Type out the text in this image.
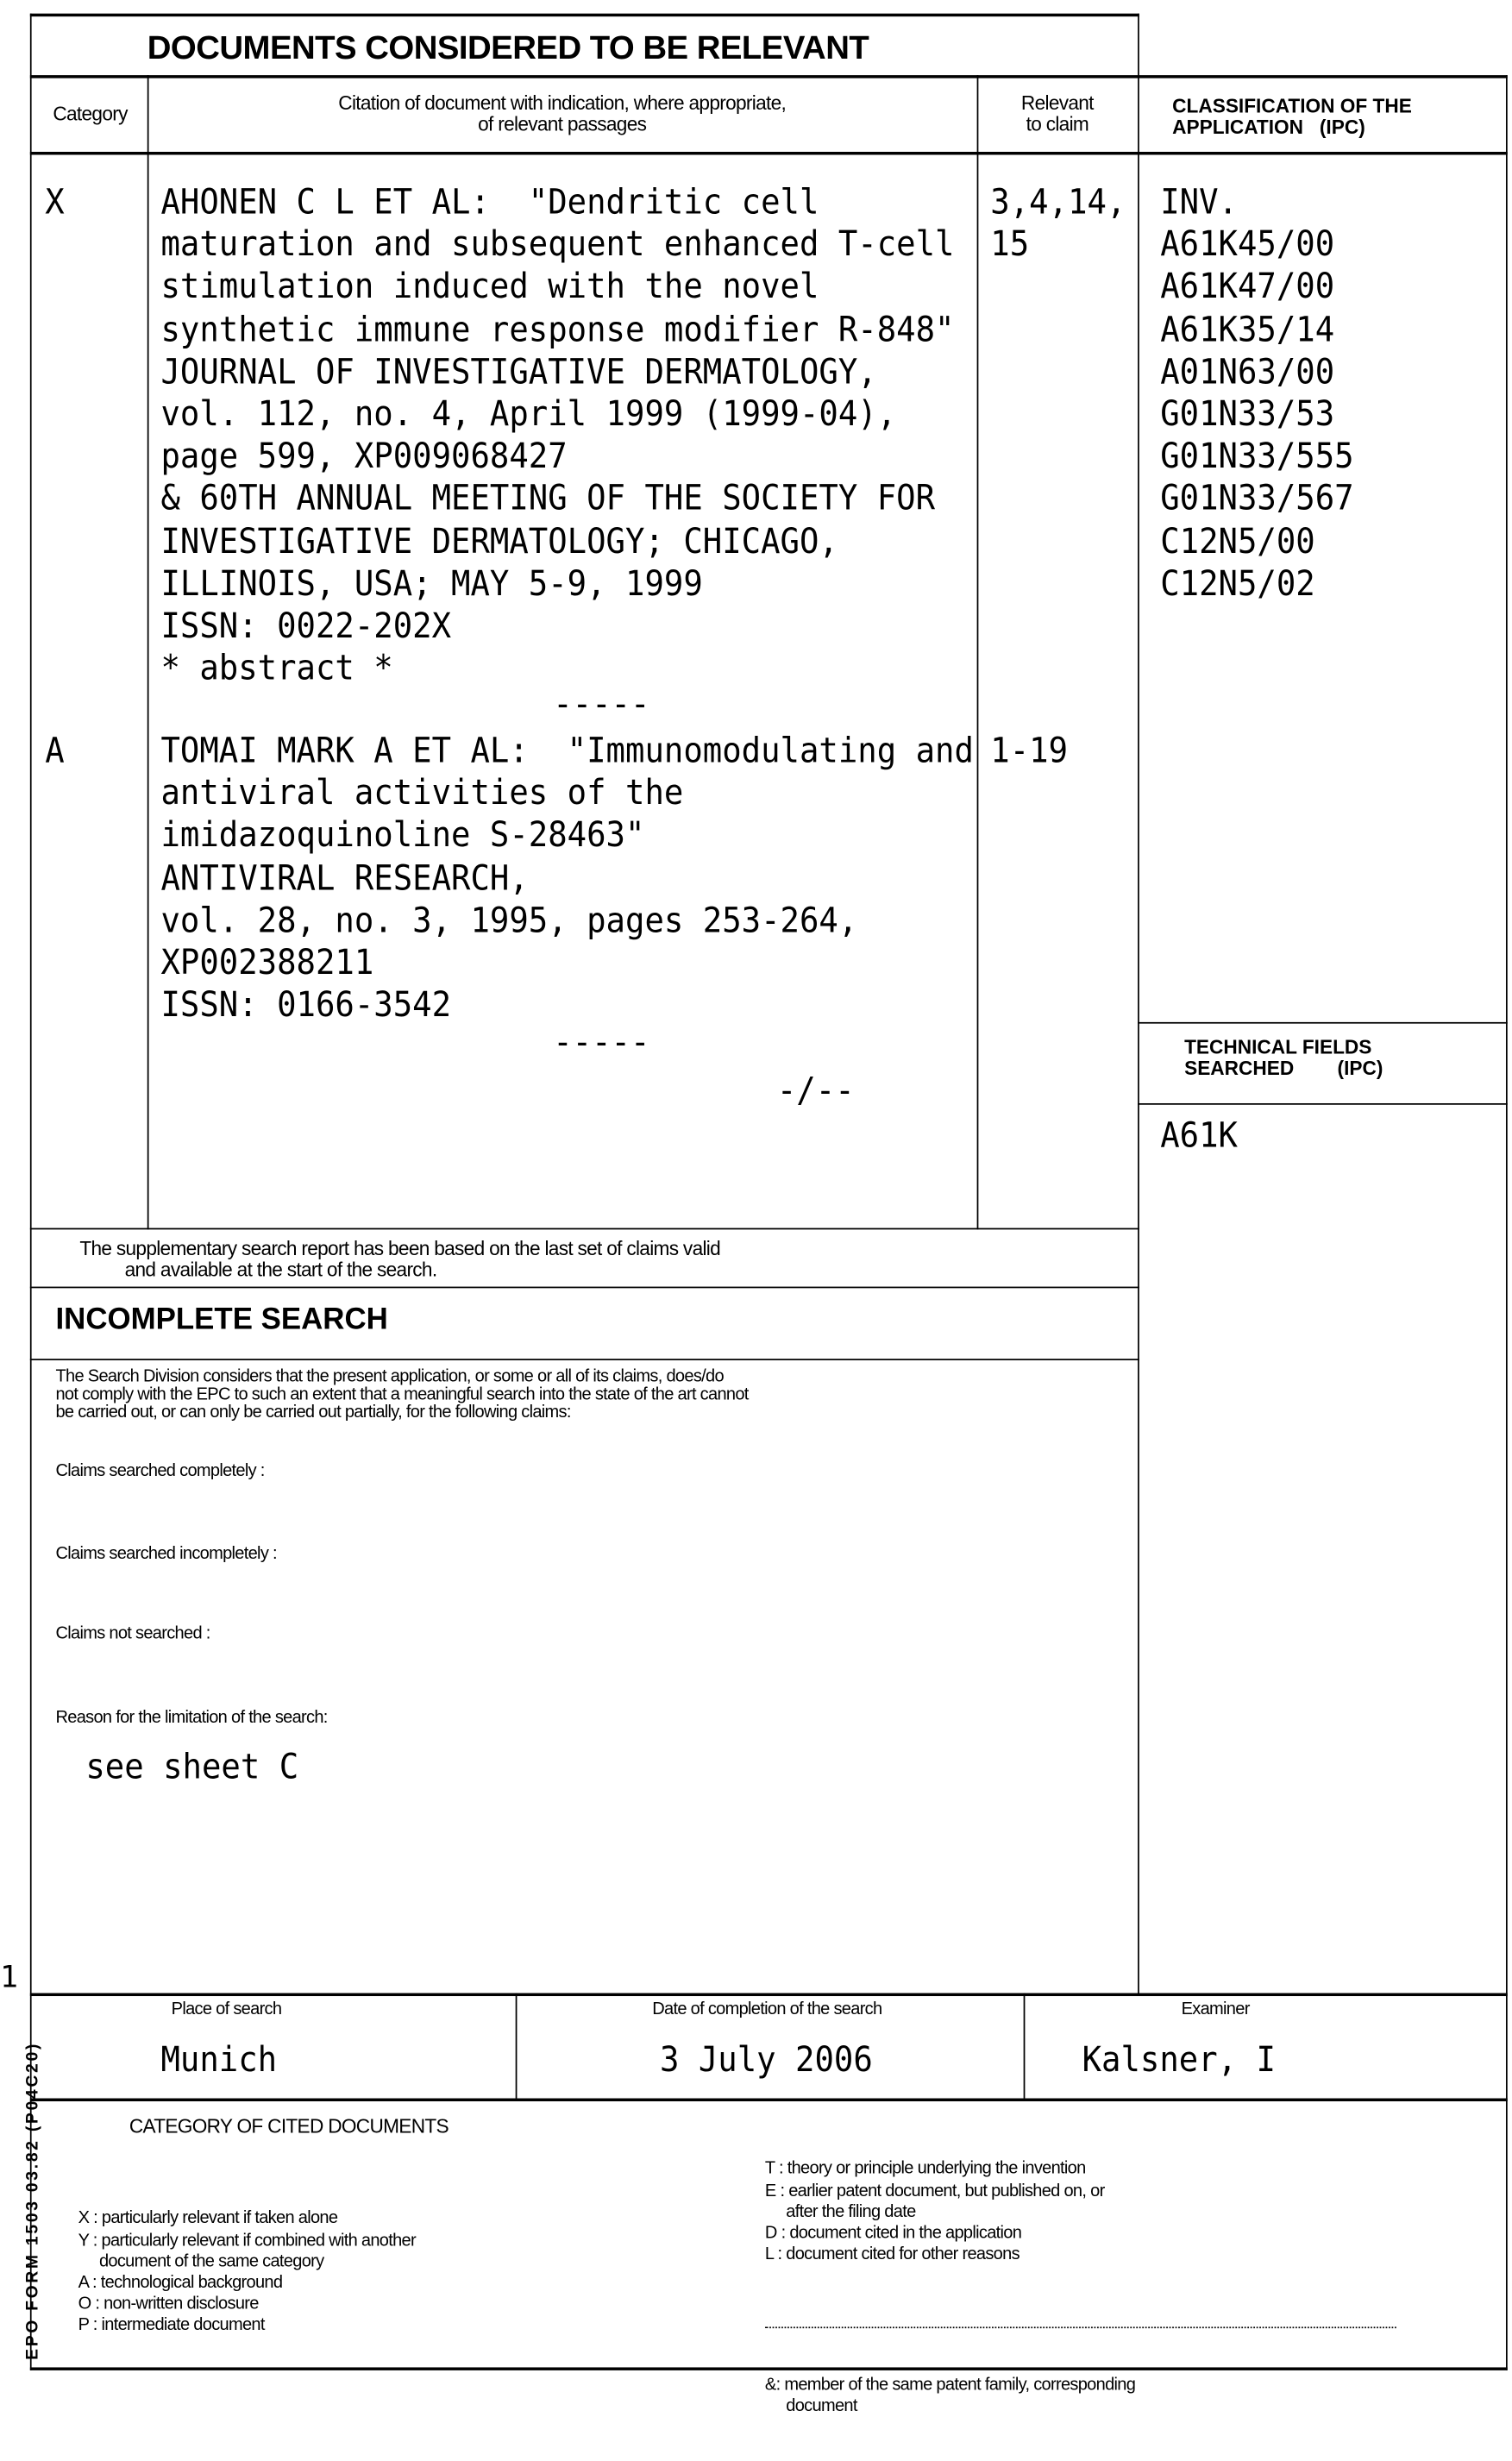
DOCUMENTS CONSIDERED TO BE RELEVANT
Category	Citation of document with indication, where appropriate,
of relevant passages
Relevant
to claim
CLASSIFICATION OF THE
APPLICATION   (IPC)
X	AHONEN C L ET AL:  "Dendritic cell
maturation and subsequent enhanced T-cell
stimulation induced with the novel
synthetic immune response modifier R-848"
JOURNAL OF INVESTIGATIVE DERMATOLOGY,
vol. 112, no. 4, April 1999 (1999-04),
page 599, XP009068427
& 60TH ANNUAL MEETING OF THE SOCIETY FOR
INVESTIGATIVE DERMATOLOGY; CHICAGO,
ILLINOIS, USA; MAY 5-9, 1999
ISSN: 0022-202X
* abstract *
3,4,14,
15
-----
A	TOMAI MARK A ET AL:  "Immunomodulating and
antiviral activities of the
imidazoquinoline S-28463"
ANTIVIRAL RESEARCH,
vol. 28, no. 3, 1995, pages 253-264,
XP002388211
ISSN: 0166-3542
1-19
-----
-/--
INV.
A61K45/00
A61K47/00
A61K35/14
A01N63/00
G01N33/53
G01N33/555
G01N33/567
C12N5/00
C12N5/02
TECHNICAL FIELDS
SEARCHED        (IPC)
A61K
The supplementary search report has been based on the last set of claims valid
and available at the start of the search.
INCOMPLETE SEARCH
The Search Division considers that the present application, or some or all of its claims, does/do
not comply with the EPC to such an extent that a meaningful search into the state of the art cannot
be carried out, or can only be carried out partially, for the following claims:
Claims searched completely :
Claims searched incompletely :
Claims not searched :
Reason for the limitation of the search:
see sheet C
Place of search
Munich
Date of completion of the search
3 July 2006
Examiner
Kalsner, I
CATEGORY OF CITED DOCUMENTS

X : particularly relevant if taken alone
Y : particularly relevant if combined with another
document of the same category
A : technological background
O : non-written disclosure
P : intermediate document

T : theory or principle underlying the invention
E : earlier patent document, but published on, or
after the filing date
D : document cited in the application
L : document cited for other reasons

&: member of the same patent family, corresponding
document

1
EPO FORM 1503 03.82 (P04C20)
